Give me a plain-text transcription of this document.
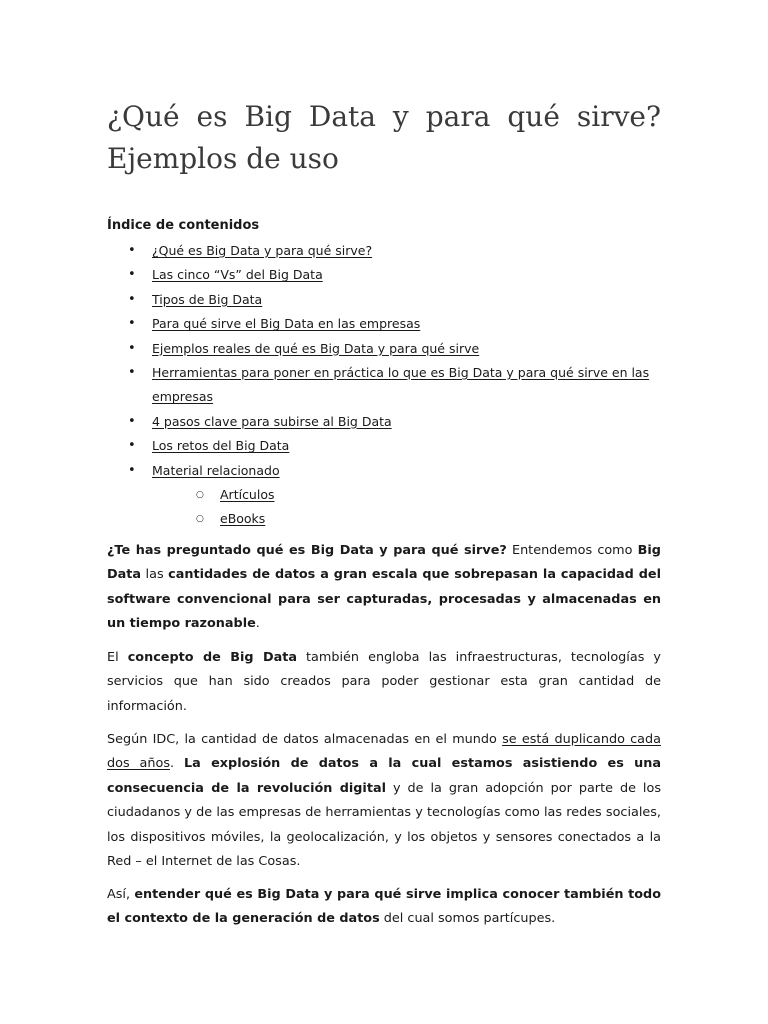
¿Qué es Big Data y para qué sirve? Ejemplos de uso
Índice de contenidos
• ¿Qué es Big Data y para qué sirve?
• Las cinco “Vs” del Big Data
• Tipos de Big Data
• Para qué sirve el Big Data en las empresas
• Ejemplos reales de qué es Big Data y para qué sirve
• Herramientas para poner en práctica lo que es Big Data y para qué sirve en las empresas
• 4 pasos clave para subirse al Big Data
• Los retos del Big Data
• Material relacionado
○ Artículos
○ eBooks

¿Te has preguntado qué es Big Data y para qué sirve? Entendemos como Big Data las cantidades de datos a gran escala que sobrepasan la capacidad del software convencional para ser capturadas, procesadas y almacenadas en un tiempo razonable.

El concepto de Big Data también engloba las infraestructuras, tecnologías y servicios que han sido creados para poder gestionar esta gran cantidad de información.

Según IDC, la cantidad de datos almacenadas en el mundo se está duplicando cada dos años. La explosión de datos a la cual estamos asistiendo es una consecuencia de la revolución digital y de la gran adopción por parte de los ciudadanos y de las empresas de herramientas y tecnologías como las redes sociales, los dispositivos móviles, la geolocalización, y los objetos y sensores conectados a la Red – el Internet de las Cosas.

Así, entender qué es Big Data y para qué sirve implica conocer también todo el contexto de la generación de datos del cual somos partícupes.
